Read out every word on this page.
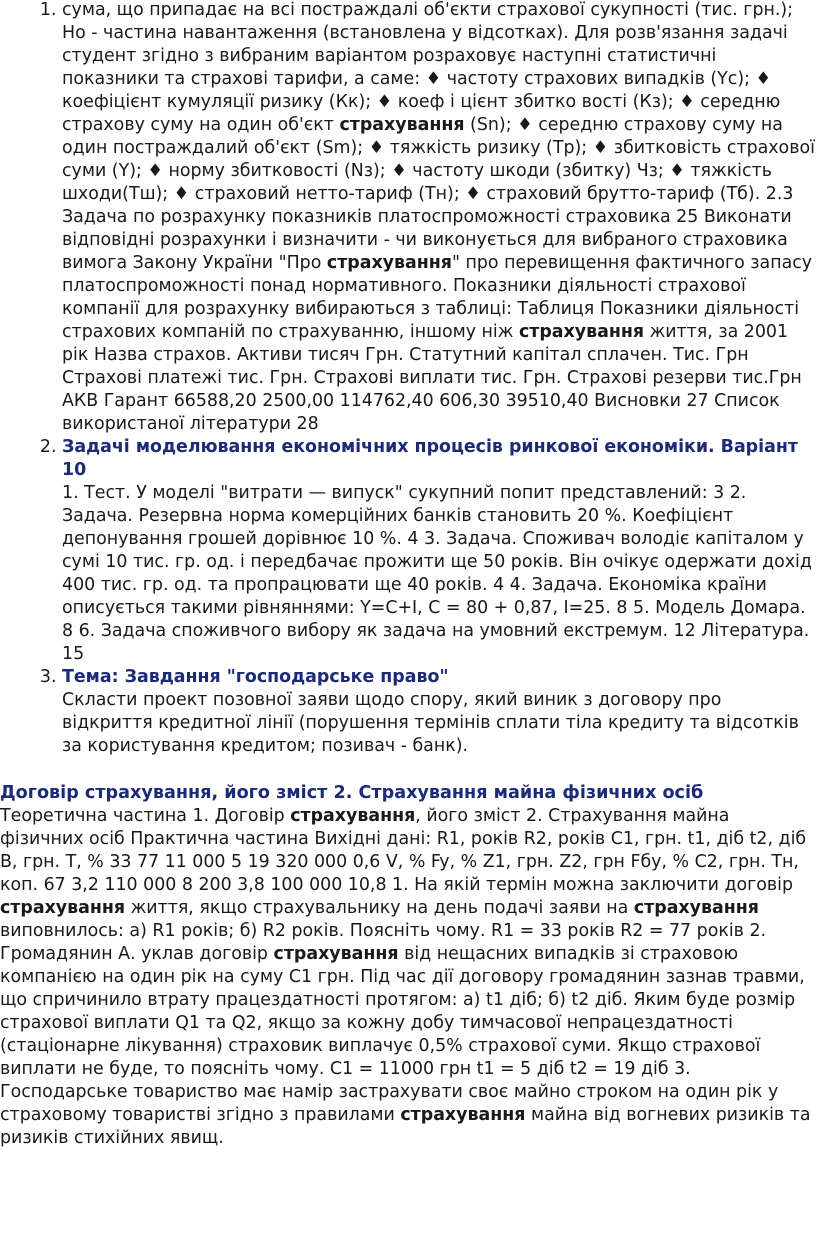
1. сума, що припадає на всі постраждалі об'єкти страхової сукупності (тис. грн.); Но - частина навантаження (встановлена у відсотках). Для розв'язання задачі студент згідно з вибраним варіантом розраховує наступні статистичні показники та страхові тарифи, а саме: ♦ частоту страхових випадків (Yc); ♦ коефіцієнт кумуляції ризику (Кк); ♦ коеф і цієнт збитко вості (Кз); ♦ середню страхову суму на один об'єкт страхування (Sn); ♦ середню страхову суму на один постраждалий об'єкт (Sm); ♦ тяжкість ризику (Tp); ♦ збитковість страхової суми (Y); ♦ норму збитковості (Nз); ♦ частоту шкоди (збитку) Чз; ♦ тяжкість шходи(Тш); ♦ страховий нетто-тариф (Тн); ♦ страховий брутто-тариф (Тб). 2.3 Задача по розрахунку показників платоспроможності страховика 25 Виконати відповідні розрахунки і визначити - чи виконується для вибраного страховика вимога Закону України "Про страхування" про перевищення фактичного запасу платоспроможності понад нормативного. Показники діяльності страхової компанії для розрахунку вибираються з таблиці: Таблиця Показники діяльності страхових компаній по страхуванню, іншому ніж страхування життя, за 2001 рік Назва страхов. Активи тисяч Грн. Статутний капітал сплачен. Тис. Грн Страхові платежі тис. Грн. Страхові виплати тис. Грн. Страхові резерви тис.Грн АКВ Гарант 66588,20 2500,00 114762,40 606,30 39510,40 Висновки 27 Список використаної літератури 28
2. Задачі моделювання економічних процесів ринкової економіки. Варіант 10
1. Тест. У моделі "витрати — випуск" сукупний попит представлений: 3 2. Задача. Резервна норма комерційних банків становить 20 %. Коефіцієнт депонування грошей дорівнює 10 %. 4 3. Задача. Споживач володіє капіталом у сумі 10 тис. гр. од. і передбачає прожити ще 50 років. Він очікує одержати дохід 400 тис. гр. од. та пропрацювати ще 40 років. 4 4. Задача. Економіка країни описується такими рівняннями: Y=C+I, C = 80 + 0,87, I=25. 8 5. Модель Домара. 8 6. Задача споживчого вибору як задача на умовний екстремум. 12 Література. 15
3. Тема: Завдання "господарське право"
Скласти проект позовної заяви щодо спору, який виник з договору про відкриття кредитної лінії (порушення термінів сплати тіла кредиту та відсотків за користування кредитом; позивач - банк).
Договір страхування, його зміст 2. Страхування майна фізичних осіб
Теоретична частина 1. Договір страхування, його зміст 2. Страхування майна фізичних осіб Практична частина Вихідні дані: R1, років R2, років C1, грн. t1, діб t2, діб B, грн. Т, % 33 77 11 000 5 19 320 000 0,6 V, % Fy, % Z1, грн. Z2, грн Fбу, % C2, грн. Тн, коп. 67 3,2 110 000 8 200 3,8 100 000 10,8 1. На якій термін можна заключити договір страхування життя, якщо страхувальнику на день подачі заяви на страхування виповнилось: а) R1 років; б) R2 років. Поясніть чому. R1 = 33 років R2 = 77 років 2. Громадянин А. уклав договір страхування від нещасних випадків зі страховою компанією на один рік на суму C1 грн. Під час дії договору громадянин зазнав травми, що спричинило втрату працездатності протягом: а) t1 діб; б) t2 діб. Яким буде розмір страхової виплати Q1 та Q2, якщо за кожну добу тимчасової непрацездатності (стаціонарне лікування) страховик виплачує 0,5% страхової суми. Якщо страхової виплати не буде, то поясніть чому. C1 = 11000 грн t1 = 5 діб t2 = 19 діб 3. Господарське товариство має намір застрахувати своє майно строком на один рік у страховому товаристві згідно з правилами страхування майна від вогневих ризиків та ризиків стихійних явищ.
